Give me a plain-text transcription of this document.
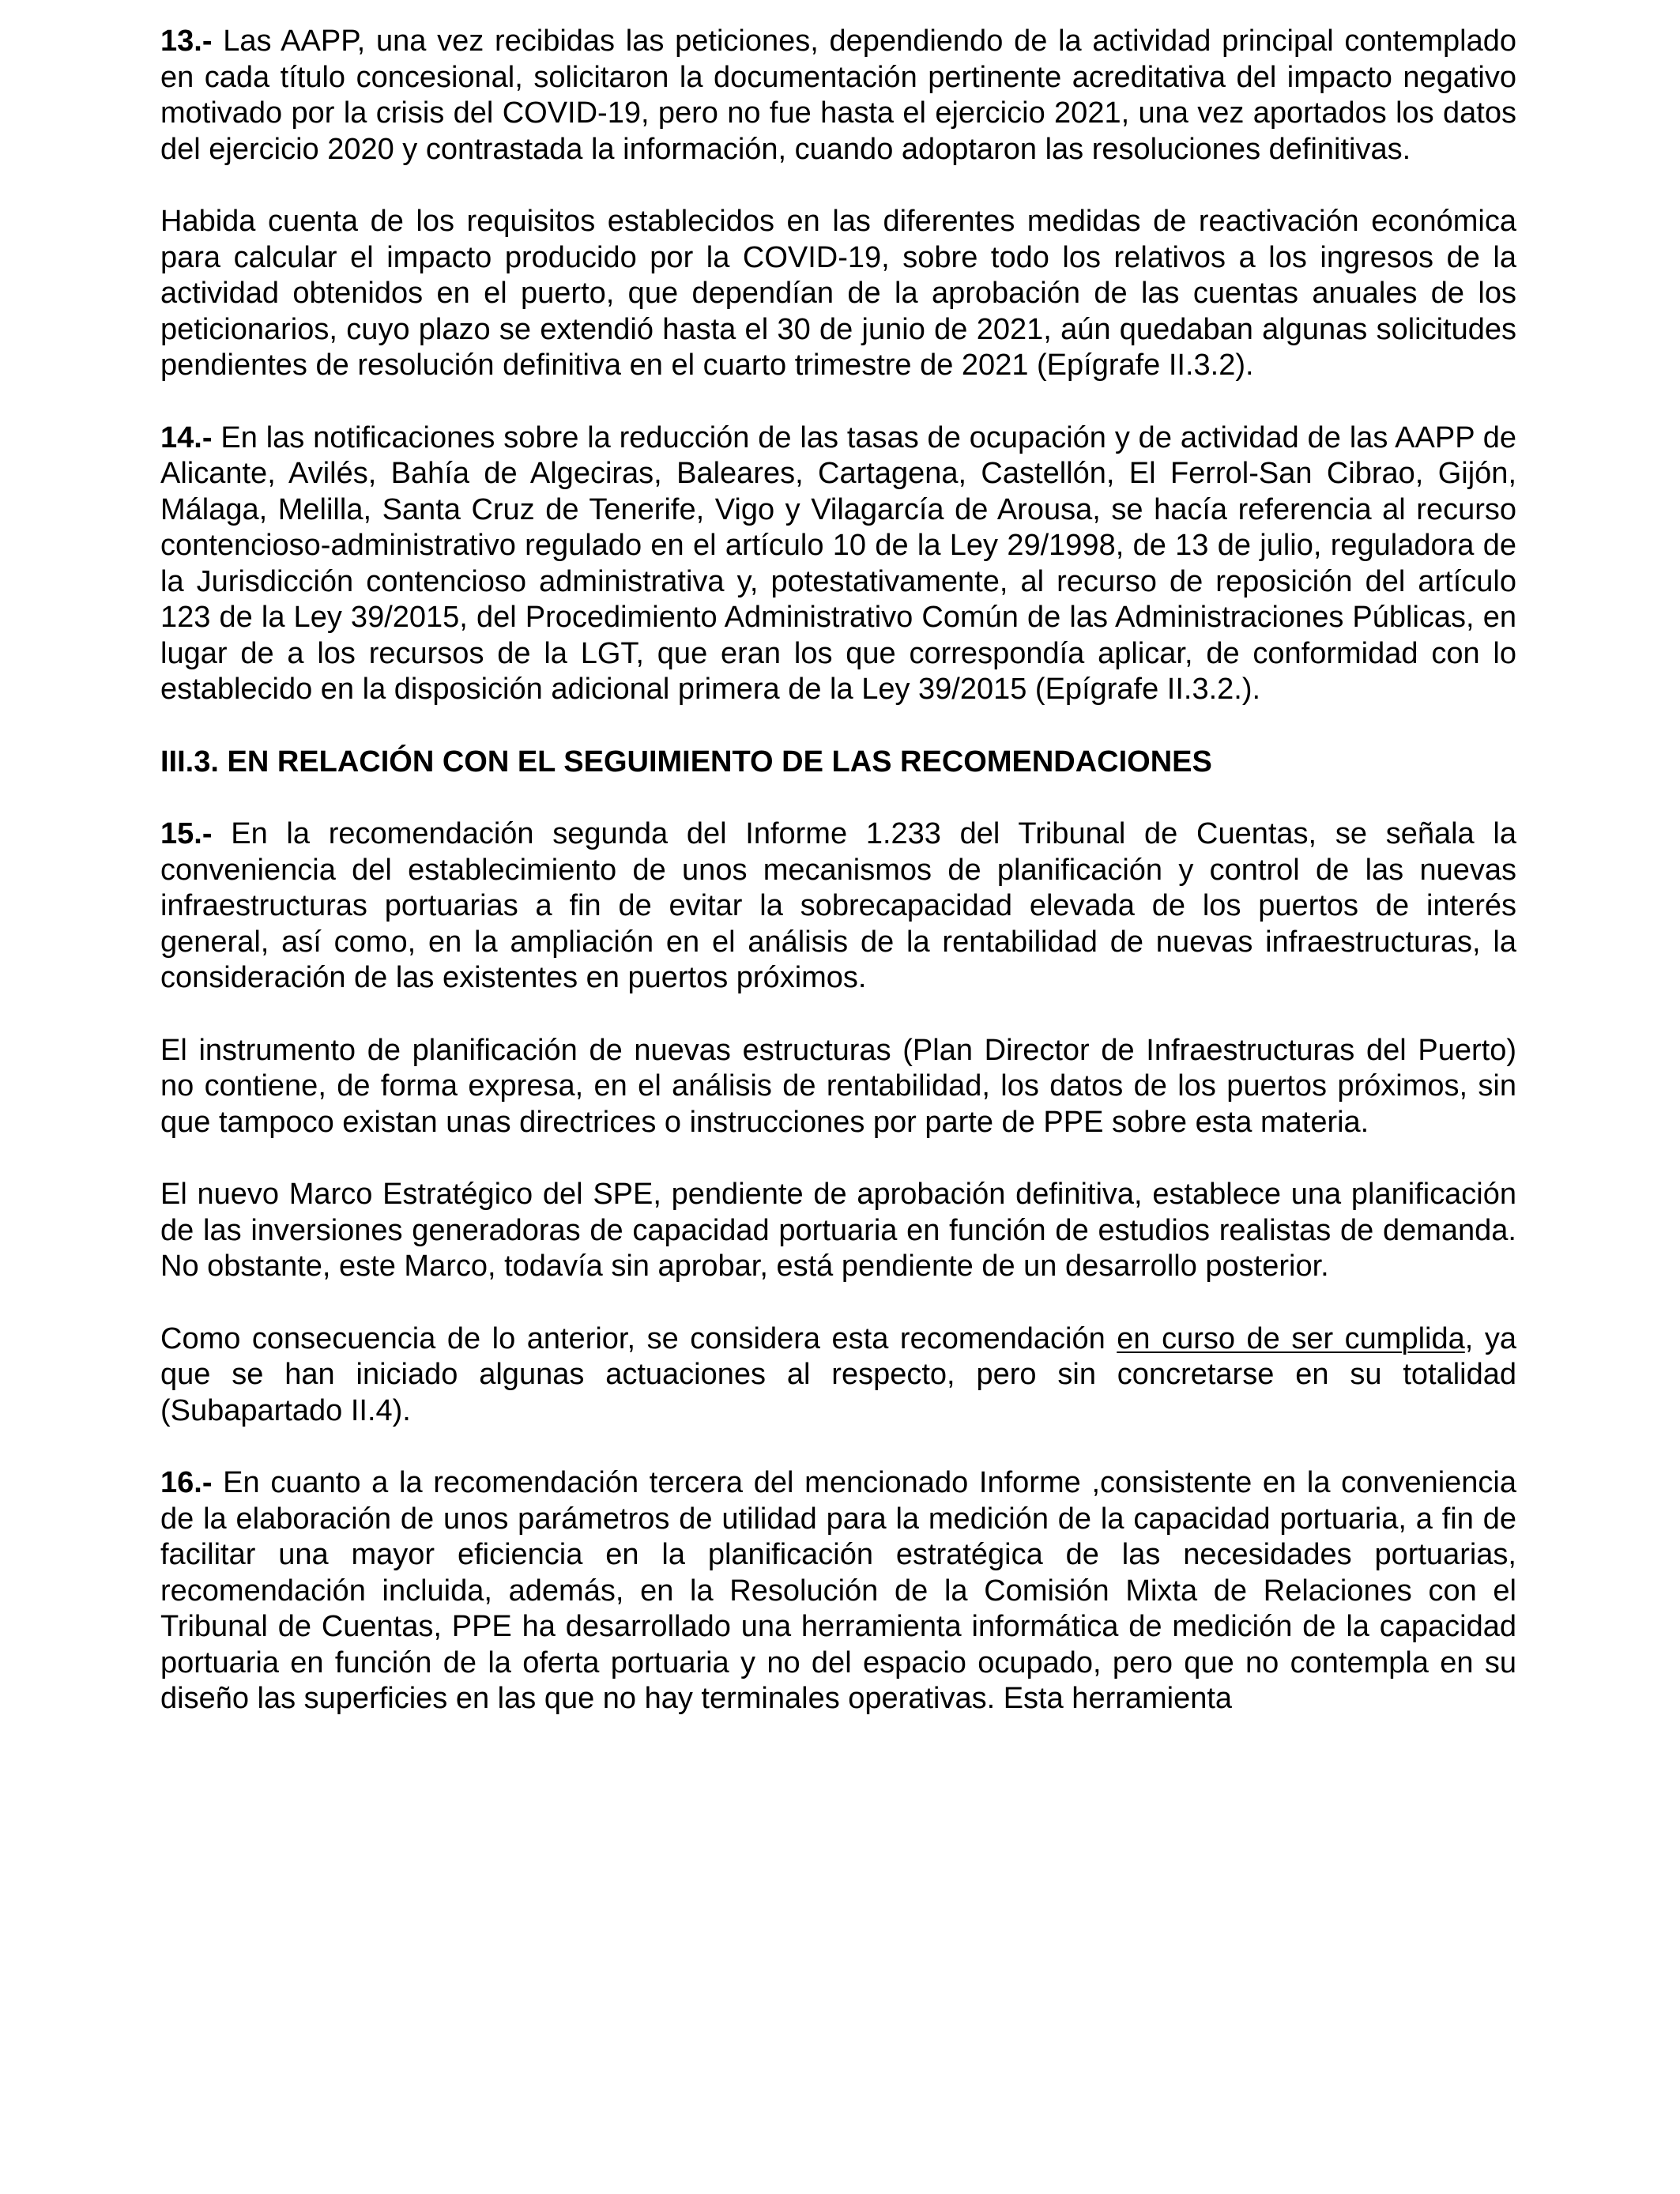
13.- Las AAPP, una vez recibidas las peticiones, dependiendo de la actividad principal contemplado en cada título concesional, solicitaron la documentación pertinente acreditativa del impacto negativo motivado por la crisis del COVID-19, pero no fue hasta el ejercicio 2021, una vez aportados los datos del ejercicio 2020 y contrastada la información, cuando adoptaron las resoluciones definitivas.

Habida cuenta de los requisitos establecidos en las diferentes medidas de reactivación económica para calcular el impacto producido por la COVID-19, sobre todo los relativos a los ingresos de la actividad obtenidos en el puerto, que dependían de la aprobación de las cuentas anuales de los peticionarios, cuyo plazo se extendió hasta el 30 de junio de 2021, aún quedaban algunas solicitudes pendientes de resolución definitiva en el cuarto trimestre de 2021 (Epígrafe II.3.2).

14.- En las notificaciones sobre la reducción de las tasas de ocupación y de actividad de las AAPP de Alicante, Avilés, Bahía de Algeciras, Baleares, Cartagena, Castellón, El Ferrol-San Cibrao, Gijón, Málaga, Melilla, Santa Cruz de Tenerife, Vigo y Vilagarcía de Arousa, se hacía referencia al recurso contencioso-administrativo regulado en el artículo 10 de la Ley 29/1998, de 13 de julio, reguladora de la Jurisdicción contencioso administrativa y, potestativamente, al recurso de reposición del artículo 123 de la Ley 39/2015, del Procedimiento Administrativo Común de las Administraciones Públicas, en lugar de a los recursos de la LGT, que eran los que correspondía aplicar, de conformidad con lo establecido en la disposición adicional primera de la Ley 39/2015 (Epígrafe II.3.2.).

III.3. EN RELACIÓN CON EL SEGUIMIENTO DE LAS RECOMENDACIONES

15.- En la recomendación segunda del Informe 1.233 del Tribunal de Cuentas, se señala la conveniencia del establecimiento de unos mecanismos de planificación y control de las nuevas infraestructuras portuarias a fin de evitar la sobrecapacidad elevada de los puertos de interés general, así como, en la ampliación en el análisis de la rentabilidad de nuevas infraestructuras, la consideración de las existentes en puertos próximos.

El instrumento de planificación de nuevas estructuras (Plan Director de Infraestructuras del Puerto) no contiene, de forma expresa, en el análisis de rentabilidad, los datos de los puertos próximos, sin que tampoco existan unas directrices o instrucciones por parte de PPE sobre esta materia.

El nuevo Marco Estratégico del SPE, pendiente de aprobación definitiva, establece una planificación de las inversiones generadoras de capacidad portuaria en función de estudios realistas de demanda. No obstante, este Marco, todavía sin aprobar, está pendiente de un desarrollo posterior.

Como consecuencia de lo anterior, se considera esta recomendación en curso de ser cumplida, ya que se han iniciado algunas actuaciones al respecto, pero sin concretarse en su totalidad (Subapartado II.4).

16.- En cuanto a la recomendación tercera del mencionado Informe ,consistente en la conveniencia de la elaboración de unos parámetros de utilidad para la medición de la capacidad portuaria, a fin de facilitar una mayor eficiencia en la planificación estratégica de las necesidades portuarias, recomendación incluida, además, en la Resolución de la Comisión Mixta de Relaciones con el Tribunal de Cuentas, PPE ha desarrollado una herramienta informática de medición de la capacidad portuaria en función de la oferta portuaria y no del espacio ocupado, pero que no contempla en su diseño las superficies en las que no hay terminales operativas. Esta herramienta
